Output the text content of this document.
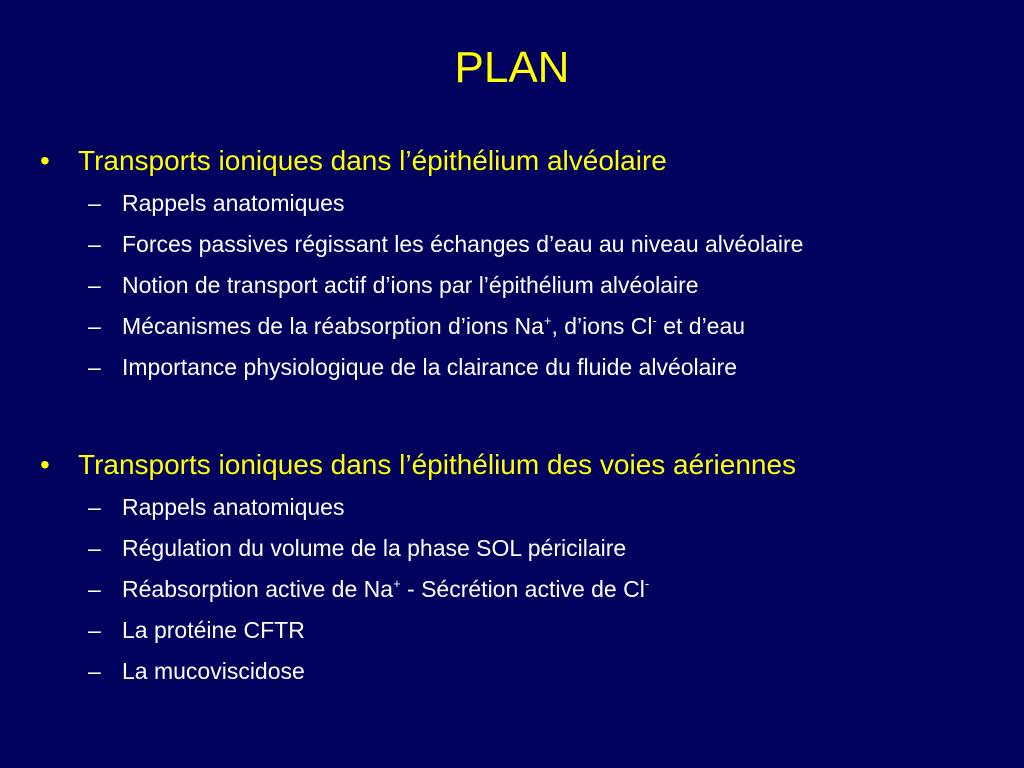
PLAN
• Transports ioniques dans l’épithélium alvéolaire
– Rappels anatomiques
– Forces passives régissant les échanges d’eau au niveau alvéolaire
– Notion de transport actif d’ions par l’épithélium alvéolaire
– Mécanismes de la réabsorption d’ions Na+, d’ions Cl- et d’eau
– Importance physiologique de la clairance du fluide alvéolaire
• Transports ioniques dans l’épithélium des voies aériennes
– Rappels anatomiques
– Régulation du volume de la phase SOL péricilaire
– Réabsorption active de Na+ - Sécrétion active de Cl-
– La protéine CFTR
– La mucoviscidose
